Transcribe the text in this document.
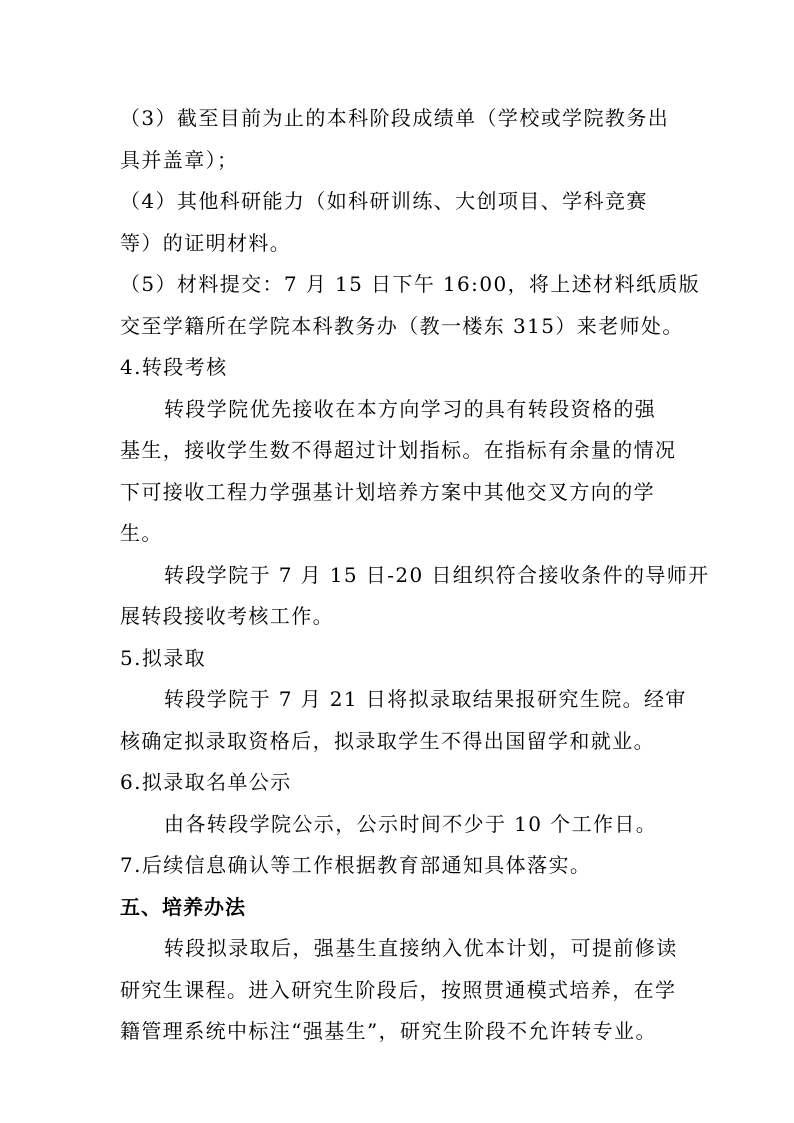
（3）截至目前为止的本科阶段成绩单（学校或学院教务出
具并盖章）；
（4）其他科研能力（如科研训练、大创项目、学科竞赛
等）的证明材料。
（5）材料提交：7 月 15 日下午 16:00，将上述材料纸质版
交至学籍所在学院本科教务办（教一楼东 315）来老师处。
4.转段考核
转段学院优先接收在本方向学习的具有转段资格的强
基生，接收学生数不得超过计划指标。在指标有余量的情况
下可接收工程力学强基计划培养方案中其他交叉方向的学
生。
转段学院于 7 月 15 日-20 日组织符合接收条件的导师开
展转段接收考核工作。
5.拟录取
转段学院于 7 月 21 日将拟录取结果报研究生院。经审
核确定拟录取资格后，拟录取学生不得出国留学和就业。
6.拟录取名单公示
由各转段学院公示，公示时间不少于 10 个工作日。
7.后续信息确认等工作根据教育部通知具体落实。
五、培养办法
转段拟录取后，强基生直接纳入优本计划，可提前修读
研究生课程。进入研究生阶段后，按照贯通模式培养，在学
籍管理系统中标注“强基生”，研究生阶段不允许转专业。
